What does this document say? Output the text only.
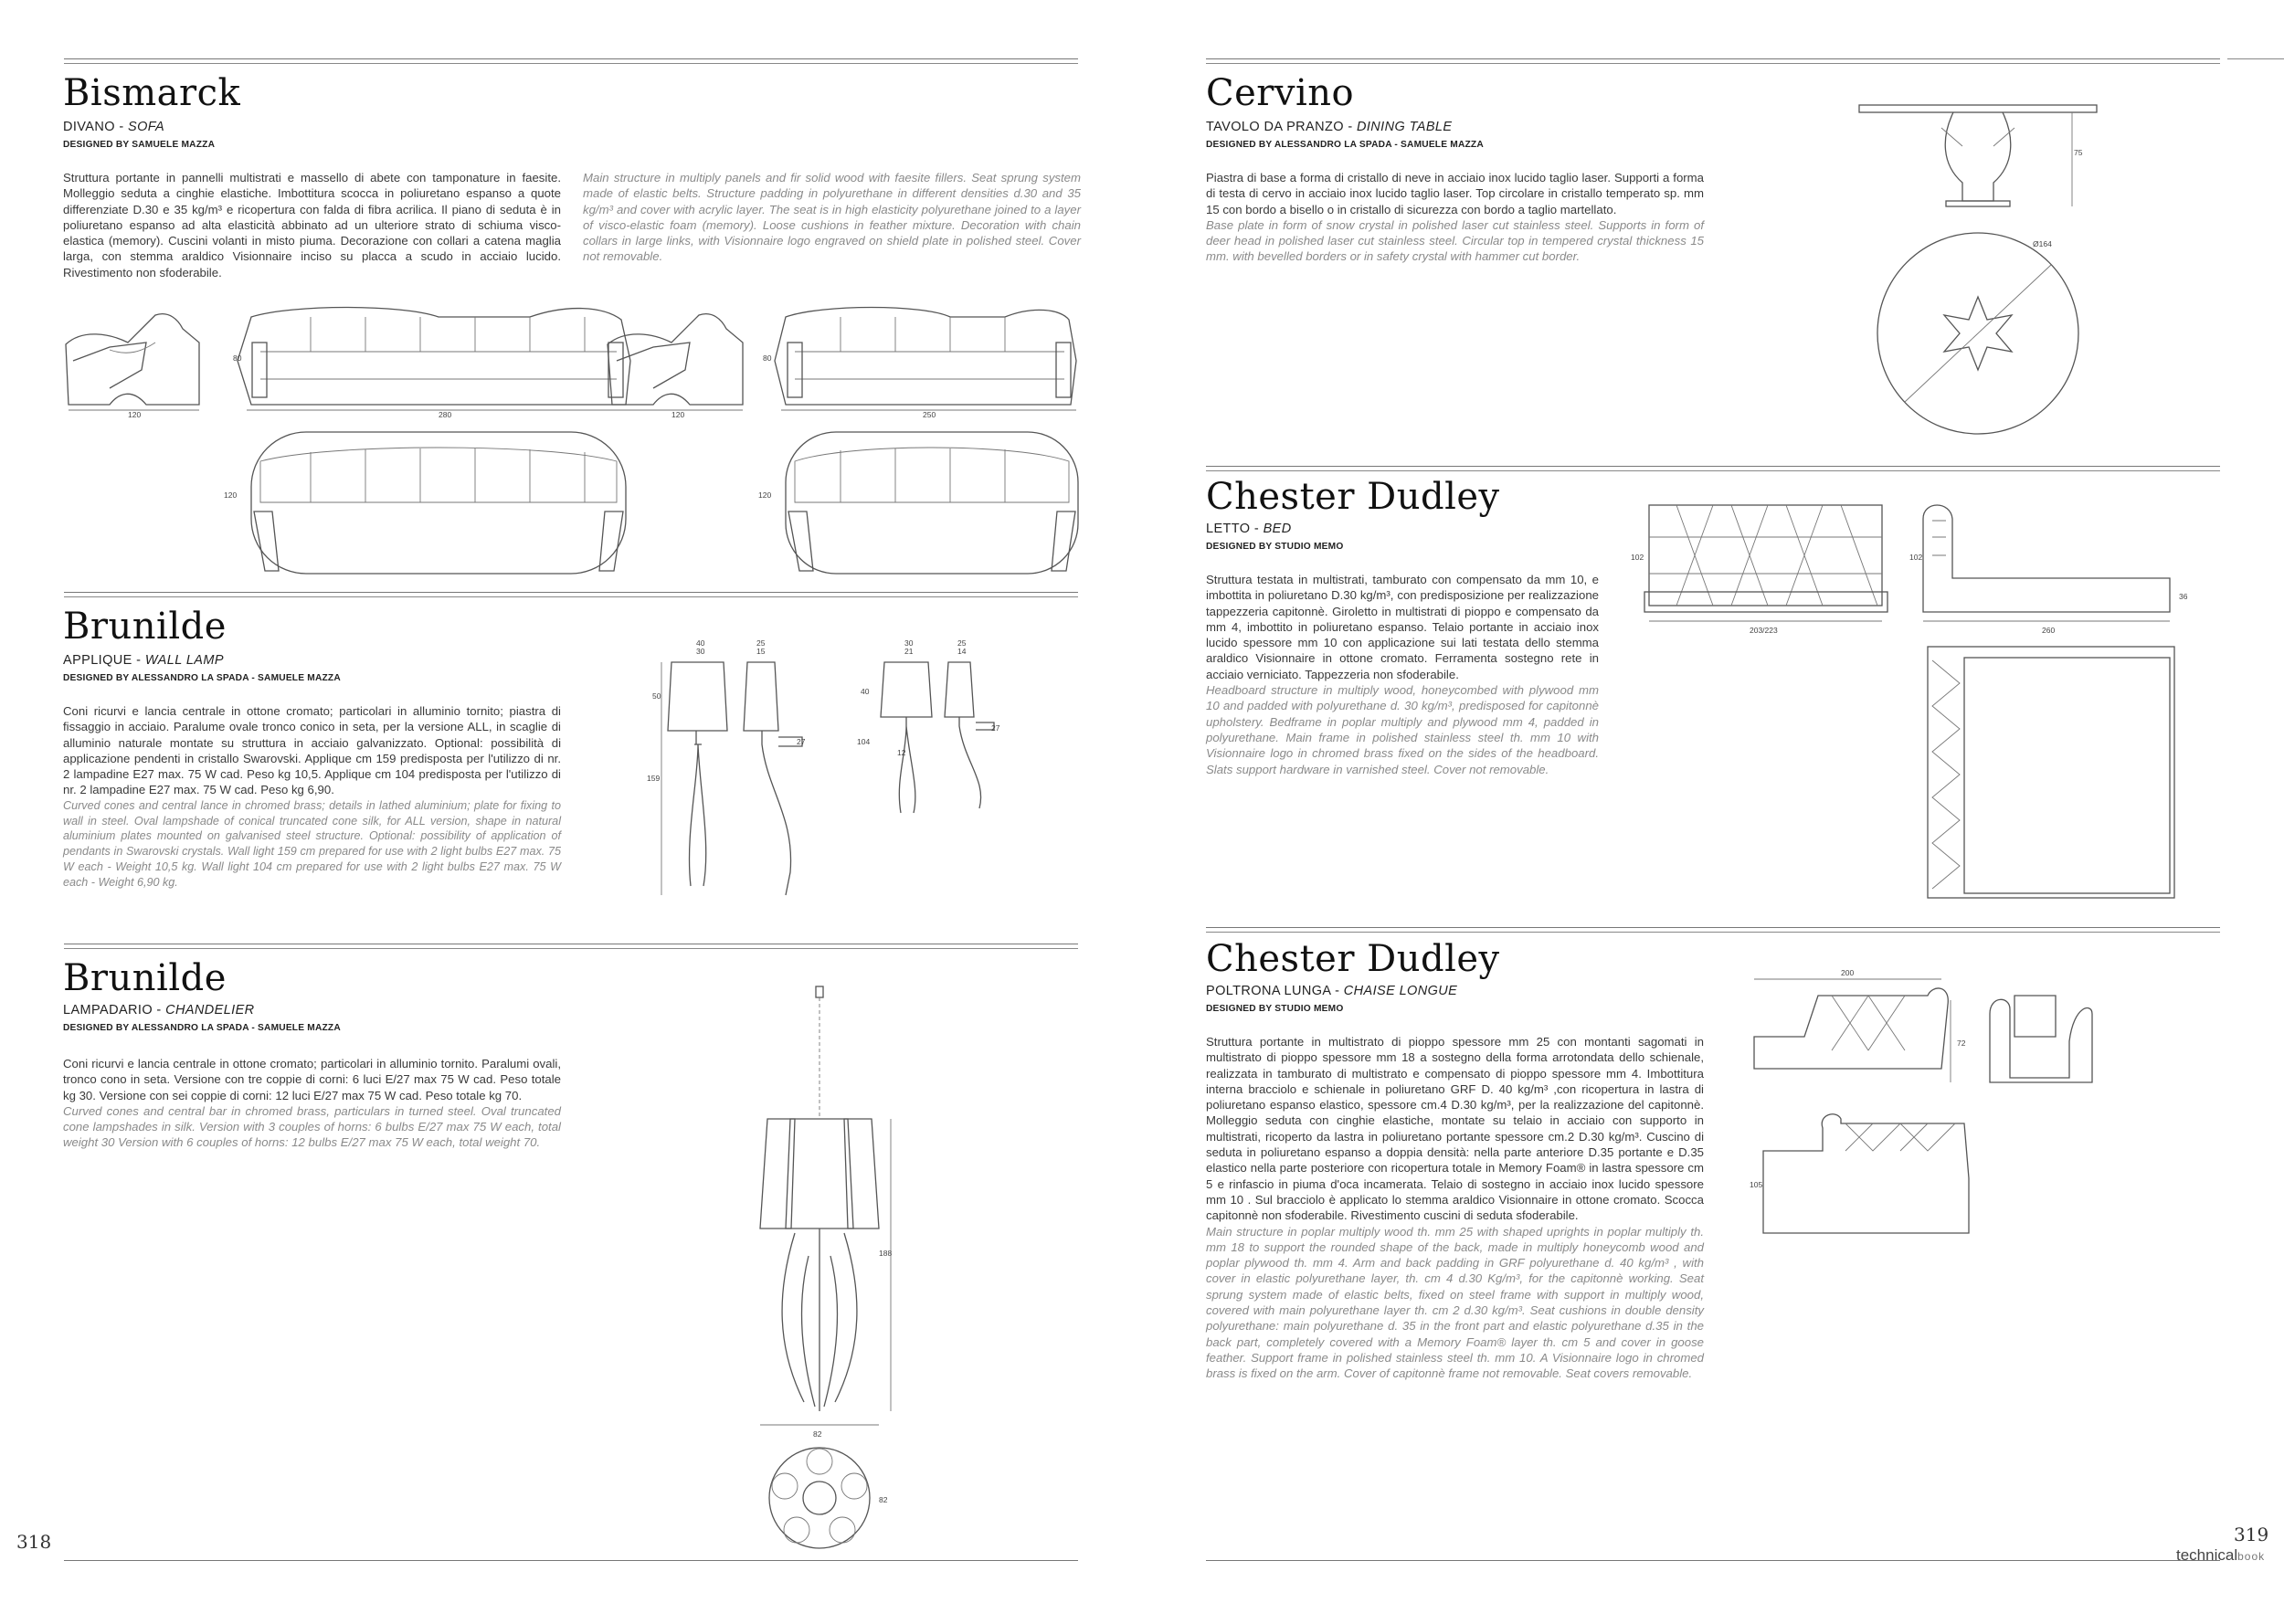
Bismarck
DIVANO - SOFA
DESIGNED BY SAMUELE MAZZA
Struttura portante in pannelli multistrati e massello di abete con tamponature in faesite. Molleggio seduta a cinghie elastiche. Imbottitura scocca in poliuretano espanso a quote differenziate D.30 e 35 kg/m³ e ricopertura con falda di fibra acrilica. Il piano di seduta è in poliuretano espanso ad alta elasticità abbinato ad un ulteriore strato di schiuma visco-elastica (memory). Cuscini volanti in misto piuma. Decorazione con collari a catena maglia larga, con stemma araldico Visionnaire inciso su placca a scudo in acciaio lucido. Rivestimento non sfoderabile.
Main structure in multiply panels and fir solid wood with faesite fillers. Seat sprung system made of elastic belts. Structure padding in polyurethane in different densities d.30 and 35 kg/m³ and cover with acrylic layer. The seat is in high elasticity polyurethane joined to a layer of visco-elastic foam (memory). Loose cushions in feather mixture. Decoration with chain collars in large links, with Visionnaire logo engraved on shield plate in polished steel. Cover not removable.
120
80
280
120
120
80
250
120
Brunilde
APPLIQUE - WALL LAMP
DESIGNED BY ALESSANDRO LA SPADA - SAMUELE MAZZA
Coni ricurvi e lancia centrale in ottone cromato; particolari in alluminio tornito; piastra di fissaggio in acciaio. Paralume ovale tronco conico in seta, per la versione ALL, in scaglie di alluminio naturale montate su struttura in acciaio galvanizzato. Optional: possibilità di applicazione pendenti in cristallo Swarovski. Applique cm 159 predisposta per l'utilizzo di nr. 2 lampadine E27 max. 75 W cad. Peso kg 10,5. Applique cm 104 predisposta per l'utilizzo di nr. 2 lampadine E27 max. 75 W cad. Peso kg 6,90.
Curved cones and central lance in chromed brass; details in lathed aluminium; plate for fixing to wall in steel. Oval lampshade of conical truncated cone silk, for ALL version, shape in natural aluminium plates mounted on galvanised steel structure. Optional: possibility of application of pendants in Swarovski crystals. Wall light 159 cm prepared for use with 2 light bulbs E27 max. 75 W each - Weight 10,5 kg. Wall light 104 cm prepared for use with 2 light bulbs E27 max. 75 W each - Weight 6,90 kg.
40
30
25
15
50
159
27
30
21
25
14
40
104
27
12
Brunilde
LAMPADARIO - CHANDELIER
DESIGNED BY ALESSANDRO LA SPADA - SAMUELE MAZZA
Coni ricurvi e lancia centrale in ottone cromato; particolari in alluminio tornito. Paralumi ovali, tronco cono in seta. Versione con tre coppie di corni: 6 luci E/27 max 75 W cad. Peso totale kg 30. Versione con sei coppie di corni: 12 luci E/27 max 75 W cad. Peso totale kg 70.
Curved cones and central bar in chromed brass, particulars in turned steel. Oval truncated cone lampshades in silk. Version with 3 couples of horns: 6 bulbs E/27 max 75 W each, total weight 30 Version with 6 couples of horns: 12 bulbs E/27 max 75 W each, total weight 70.
188
82
82
318
Cervino
TAVOLO DA PRANZO - DINING TABLE
DESIGNED BY ALESSANDRO LA SPADA - SAMUELE MAZZA
Piastra di base a forma di cristallo di neve in acciaio inox lucido taglio laser. Supporti a forma di testa di cervo in acciaio inox lucido taglio laser. Top circolare in cristallo temperato sp. mm 15 con bordo a bisello o in cristallo di sicurezza con bordo a taglio martellato.
Base plate in form of snow crystal in polished laser cut stainless steel. Supports in form of deer head in polished laser cut stainless steel. Circular top in tempered crystal thickness 15 mm. with bevelled borders or in safety crystal with hammer cut border.
75
Ø164
Chester Dudley
LETTO - BED
DESIGNED BY STUDIO MEMO
Struttura testata in multistrati, tamburato con compensato da mm 10, e imbottita in poliuretano D.30 kg/m³, con predisposizione per realizzazione tappezzeria capitonnè. Giroletto in multistrati di pioppo e compensato da mm 4, imbottito in poliuretano espanso. Telaio portante in acciaio inox lucido spessore mm 10 con applicazione sui lati testata dello stemma araldico Visionnaire in ottone cromato. Ferramenta sostegno rete in acciaio verniciato. Tappezzeria non sfoderabile.
Headboard structure in multiply wood, honeycombed with plywood mm 10 and padded with polyurethane d. 30 kg/m³, predisposed for capitonnè upholstery. Bedframe in poplar multiply and plywood mm 4, padded in polyurethane. Main frame in polished stainless steel th. mm 10 with Visionnaire logo in chromed brass fixed on the sides of the headboard. Slats support hardware in varnished steel. Cover not removable.
102
203/223
102
36
260
Chester Dudley
POLTRONA LUNGA - CHAISE LONGUE
DESIGNED BY STUDIO MEMO
Struttura portante in multistrato di pioppo spessore mm 25 con montanti sagomati in multistrato di pioppo spessore mm 18 a sostegno della forma arrotondata dello schienale, realizzata in tamburato di multistrato e compensato di pioppo spessore mm 4. Imbottitura interna bracciolo e schienale in poliuretano GRF D. 40 kg/m³ ,con ricopertura in lastra di poliuretano espanso elastico, spessore cm.4 D.30 kg/m³, per la realizzazione del capitonnè. Molleggio seduta con cinghie elastiche, montate su telaio in acciaio con supporto in multistrati, ricoperto da lastra in poliuretano portante spessore cm.2 D.30 kg/m³. Cuscino di seduta in poliuretano espanso a doppia densità: nella parte anteriore D.35 portante e D.35 elastico nella parte posteriore con ricopertura totale in Memory Foam® in lastra spessore cm 5 e rinfascio in piuma d'oca incamerata. Telaio di sostegno in acciaio inox lucido spessore mm 10 . Sul bracciolo è applicato lo stemma araldico Visionnaire in ottone cromato. Scocca capitonnè non sfoderabile. Rivestimento cuscini di seduta sfoderabile.
Main structure in poplar multiply wood th. mm 25 with shaped uprights in poplar multiply th. mm 18 to support the rounded shape of the back, made in multiply honeycomb wood and poplar plywood th. mm 4. Arm and back padding in GRF polyurethane d. 40 kg/m³ , with cover in elastic polyurethane layer, th. cm 4 d.30 Kg/m³, for the capitonnè working. Seat sprung system made of elastic belts, fixed on steel frame with support in multiply wood, covered with main polyurethane layer th. cm 2 d.30 kg/m³. Seat cushions in double density polyurethane: main polyurethane d. 35 in the front part and elastic polyurethane d.35 in the back part, completely covered with a Memory Foam® layer th. cm 5 and cover in goose feather. Support frame in polished stainless steel th. mm 10. A Visionnaire logo in chromed brass is fixed on the arm. Cover of capitonnè frame not removable. Seat covers removable.
200
72
105
319
technicalbook
